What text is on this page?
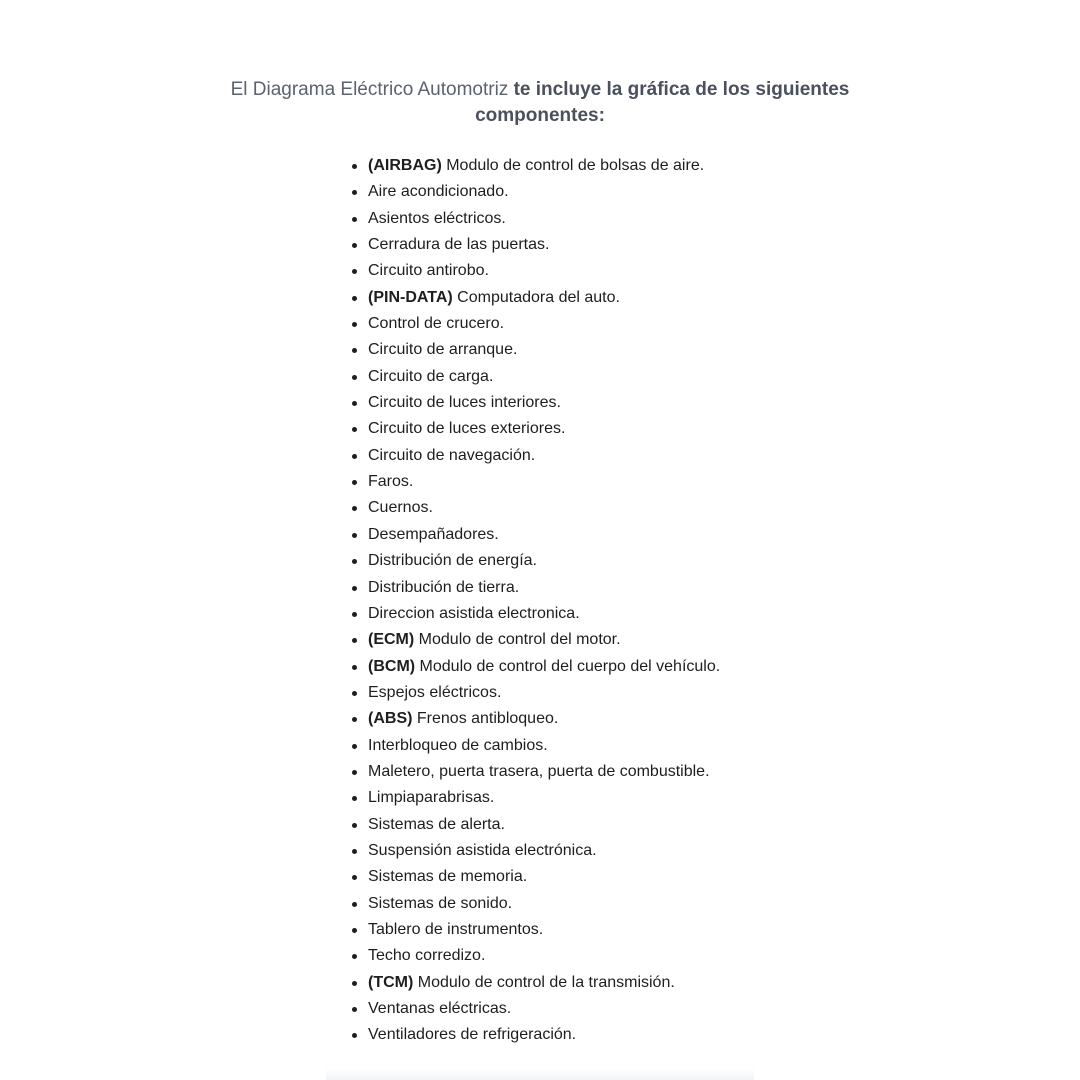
El Diagrama Eléctrico Automotriz te incluye la gráfica de los siguientes componentes:
(AIRBAG) Modulo de control de bolsas de aire.
Aire acondicionado.
Asientos eléctricos.
Cerradura de las puertas.
Circuito antirobo.
(PIN-DATA) Computadora del auto.
Control de crucero.
Circuito de arranque.
Circuito de carga.
Circuito de luces interiores.
Circuito de luces exteriores.
Circuito de navegación.
Faros.
Cuernos.
Desempañadores.
Distribución de energía.
Distribución de tierra.
Direccion asistida electronica.
(ECM) Modulo de control del motor.
(BCM) Modulo de control del cuerpo del vehículo.
Espejos eléctricos.
(ABS) Frenos antibloqueo.
Interbloqueo de cambios.
Maletero, puerta trasera, puerta de combustible.
Limpiaparabrisas.
Sistemas de alerta.
Suspensión asistida electrónica.
Sistemas de memoria.
Sistemas de sonido.
Tablero de instrumentos.
Techo corredizo.
(TCM) Modulo de control de la transmisión.
Ventanas eléctricas.
Ventiladores de refrigeración.
